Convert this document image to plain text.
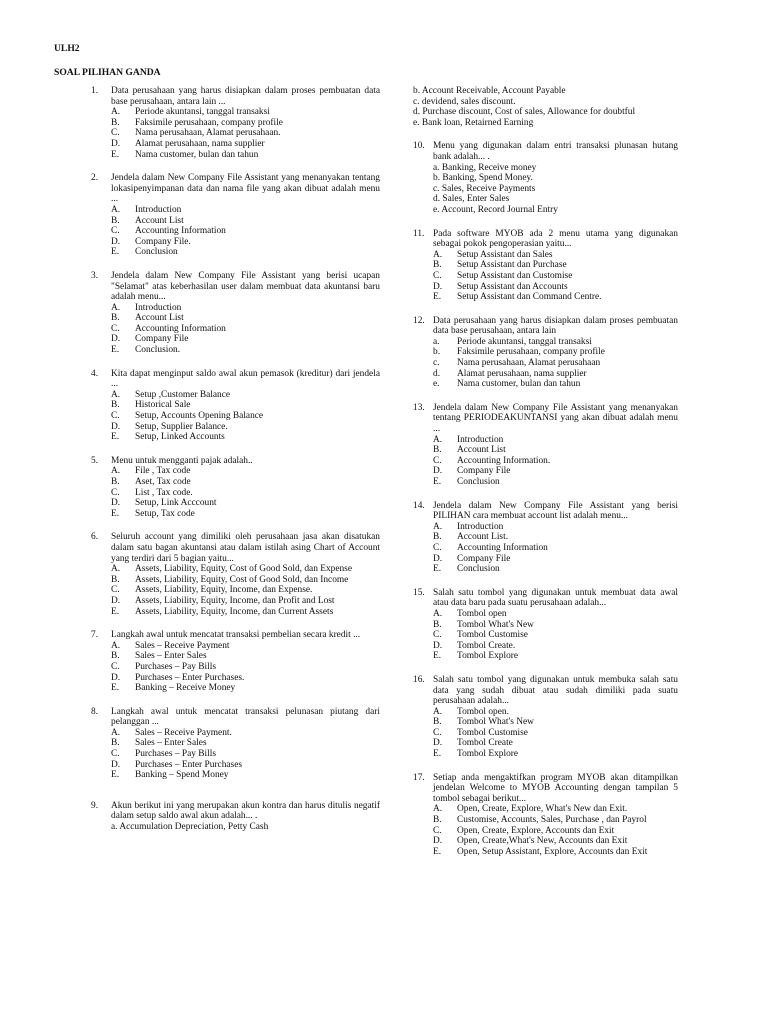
ULH2
SOAL PILIHAN GANDA
1.	Data perusahaan yang harus disiapkan dalam proses pembuatan data base perusahaan, antara lain ...
A.	Periode akuntansi, tanggal transaksi
B.	Faksimile perusahaan, company profile
C.	Nama perusahaan, Alamat perusahaan.
D.	Alamat perusahaan, nama supplier
E.	Nama customer, bulan dan tahun
2.	Jendela dalam New Company File Assistant yang menanyakan tentang lokasipenyimpanan data dan nama file yang akan dibuat adalah menu ...
A.	Introduction
B.	Account List
C.	Accounting Information
D.	Company File.
E.	Conclusion
3.	Jendela dalam New Company File Assistant yang berisi ucapan "Selamat" atas keberhasilan user dalam membuat data akuntansi baru adalah menu...
A.	Introduction
B.	Account List
C.	Accounting Information
D.	Company File
E.	Conclusion.
4.	Kita dapat menginput saldo awal akun pemasok (kreditur) dari jendela ...
A.	Setup ,Customer Balance
B.	Historical Sale
C.	Setup, Accounts Opening Balance
D.	Setup, Supplier Balance.
E.	Setup, Linked Accounts
5.	Menu untuk mengganti pajak adalah..
A.	File , Tax code
B.	Aset, Tax code
C.	List , Tax code.
D.	Setup, Link Acccount
E.	Setup, Tax code
6.	Seluruh account yang dimiliki oleh perusahaan jasa akan disatukan dalam satu bagan akuntansi atau dalam istilah asing Chart of Account yang terdiri dari 5 bagian yaitu...
A.	Assets, Liability, Equity, Cost of Good Sold, dan Expense
B.	Assets, Liability, Equity, Cost of Good Sold, dan Income
C.	Assets, Liability, Equity, Income, dan Expense.
D.	Assets, Liability, Equity, Income, dan Profit and Lost
E.	Assets, Liability, Equity, Income, dan Current Assets
7.	Langkah awal untuk mencatat transaksi pembelian secara kredit ...
A.	Sales – Receive Payment
B.	Sales – Enter Sales
C.	Purchases – Pay Bills
D.	Purchases – Enter Purchases.
E.	Banking – Receive Money
8.	Langkah awal untuk mencatat transaksi pelunasan piutang dari pelanggan ...
A.	Sales – Receive Payment.
B.	Sales – Enter Sales
C.	Purchases – Pay Bills
D.	Purchases – Enter Purchases
E.	Banking – Spend Money
9.	Akun berikut ini yang merupakan akun kontra dan harus ditulis negatif dalam setup saldo awal akun adalah... .
a. Accumulation Depreciation, Petty Cash
b. Account Receivable, Account Payable
c. devidend, sales discount.
d. Purchase discount, Cost of sales, Allowance for doubtful
e. Bank loan, Retairned Earning
10. Menu yang digunakan dalam entri transaksi plunasan hutang bank adalah... .
a. Banking, Receive money
b. Banking, Spend Money.
c. Sales, Receive Payments
d. Sales, Enter Sales
e. Account, Record Journal Entry
11. Pada software MYOB ada 2 menu utama yang digunakan sebagai pokok pengoperasian yaitu...
A.	Setup Assistant dan Sales
B.	Setup Assistant dan Purchase
C.	Setup Assistant dan Customise
D.	Setup Assistant dan Accounts
E.	Setup Assistant dan Command Centre.
12. Data perusahaan yang harus disiapkan dalam proses pembuatan data base perusahaan, antara lain
a.	Periode akuntansi, tanggal transaksi
b.	Faksimile perusahaan, company profile
c.	Nama perusahaan, Alamat perusahaan
d.	Alamat perusahaan, nama supplier
e.	Nama customer, bulan dan tahun
13. Jendela dalam New Company File Assistant yang menanyakan tentang PERIODEAKUNTANSI yang akan dibuat adalah menu ...
A.	Introduction
B.	Account List
C.	Accounting Information.
D.	Company File
E.	Conclusion
14. Jendela dalam New Company File Assistant yang berisi PILIHAN cara membuat account list adalah menu...
A.	Introduction
B.	Account List.
C.	Accounting Information
D.	Company File
E.	Conclusion
15. Salah satu tombol yang digunakan untuk membuat data awal atau data baru pada suatu perusahaan adalah...
A.	Tombol open
B.	Tombol What's New
C.	Tombol Customise
D.	Tombol Create.
E.	Tombol Explore
16. Salah satu tombol yang digunakan untuk membuka salah satu data yang sudah dibuat atau sudah dimiliki pada suatu perusahaan adalah...
A.	Tombol open.
B.	Tombol What's New
C.	Tombol Customise
D.	Tombol Create
E.	Tombol Explore
17. Setiap anda mengaktifkan program MYOB akan ditampilkan jendelan Welcome to MYOB Accounting dengan tampilan 5 tombol sebagai berikut...
A.	Open, Create, Explore, What's New dan Exit.
B.	Customise, Accounts, Sales, Purchase , dan Payrol
C.	Open, Create, Explore, Accounts dan Exit
D.	Open, Create,What's New, Accounts dan Exit
E.	Open, Setup Assistant, Explore, Accounts dan Exit
